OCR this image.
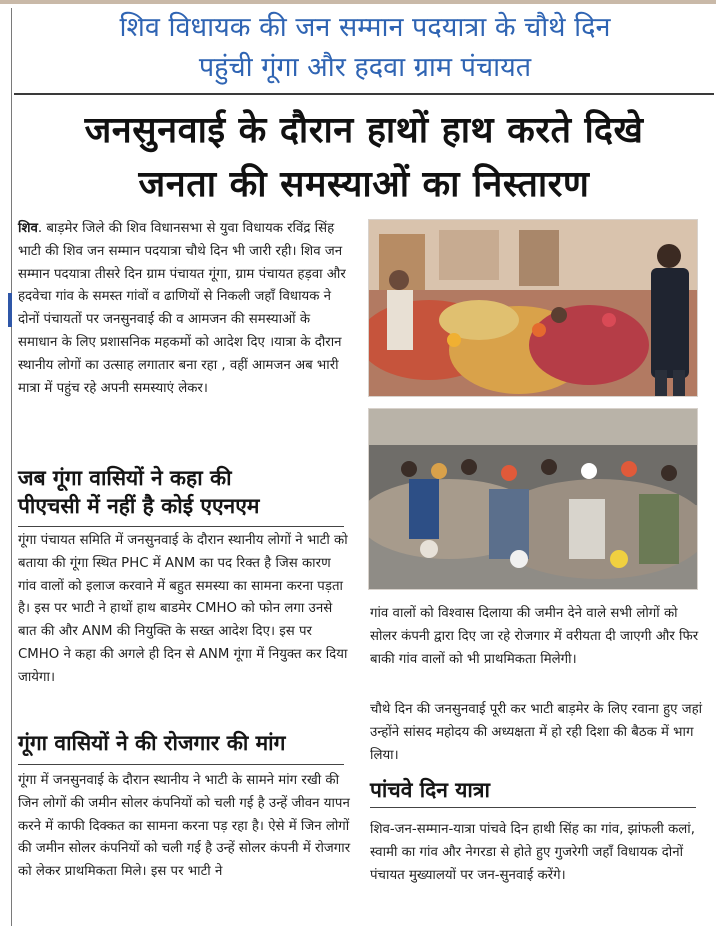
शिव विधायक की जन सम्मान पदयात्रा के चौथे दिन
पहुंची गूंगा और हदवा ग्राम पंचायत
जनसुनवाई के दौरान हाथों हाथ करते दिखे
जनता की समस्याओं का निस्तारण

शिव. बाड़मेर जिले की शिव विधानसभा से युवा विधायक रविंद्र सिंह भाटी की शिव जन सम्मान पदयात्रा चौथे दिन भी जारी रही। शिव जन सम्मान पदयात्रा तीसरे दिन ग्राम पंचायत गूंगा, ग्राम पंचायत हड़वा और हदवेचा गांव के समस्त गांवों व ढाणियों से निकली जहाँ विधायक ने दोनों पंचायतों पर जनसुनवाई की व आमजन की समस्याओं के समाधान के लिए प्रशासनिक महकमों को आदेश दिए ।यात्रा के दौरान स्थानीय लोगों का उत्साह लगातार बना रहा , वहीं आमजन अब भारी मात्रा में पहुंच रहे अपनी समस्याएं लेकर।

जब गूंगा वासियों ने कहा की
पीएचसी में नहीं है कोई एएनएम

गूंगा पंचायत समिति में जनसुनवाई के दौरान स्थानीय लोगों ने भाटी को बताया की गूंगा स्थित PHC में ANM का पद रिक्त है जिस कारण गांव वालों को इलाज करवाने में बहुत समस्या का सामना करना पड़ता है। इस पर भाटी ने हाथों हाथ बाडमेर CMHO को फोन लगा उनसे बात की और ANM की नियुक्ति के सख्त आदेश दिए। इस पर CMHO ने कहा की अगले ही दिन से ANM गूंगा में नियुक्त कर दिया जायेगा।

गूंगा वासियों ने की रोजगार की मांग

गूंगा में जनसुनवाई के दौरान स्थानीय ने भाटी के सामने मांग रखी की जिन लोगों की जमीन सोलर कंपनियों को चली गई है उन्हें जीवन यापन करने में काफी दिक्कत का सामना करना पड़ रहा है। ऐसे में जिन लोगों की जमीन सोलर कंपनियों को चली गई है उन्हें सोलर कंपनी में रोजगार को लेकर प्राथमिकता मिले। इस पर भाटी ने

गांव वालों को विश्वास दिलाया की जमीन देने वाले सभी लोगों को सोलर कंपनी द्वारा दिए जा रहे रोजगार में वरीयता दी जाएगी और फिर बाकी गांव वालों को भी प्राथमिकता मिलेगी।

चौथे दिन की जनसुनवाई पूरी कर भाटी बाड़मेर के लिए रवाना हुए जहां उन्होंने सांसद महोदय की अध्यक्षता में हो रही दिशा की बैठक में भाग लिया।

पांचवे दिन यात्रा

शिव-जन-सम्मान-यात्रा पांचवे दिन हाथी सिंह का गांव, झांफली कलां, स्वामी का गांव और नेगरडा से होते हुए गुजरेगी जहाँ विधायक दोनों पंचायत मुख्यालयों पर जन-सुनवाई करेंगे।
